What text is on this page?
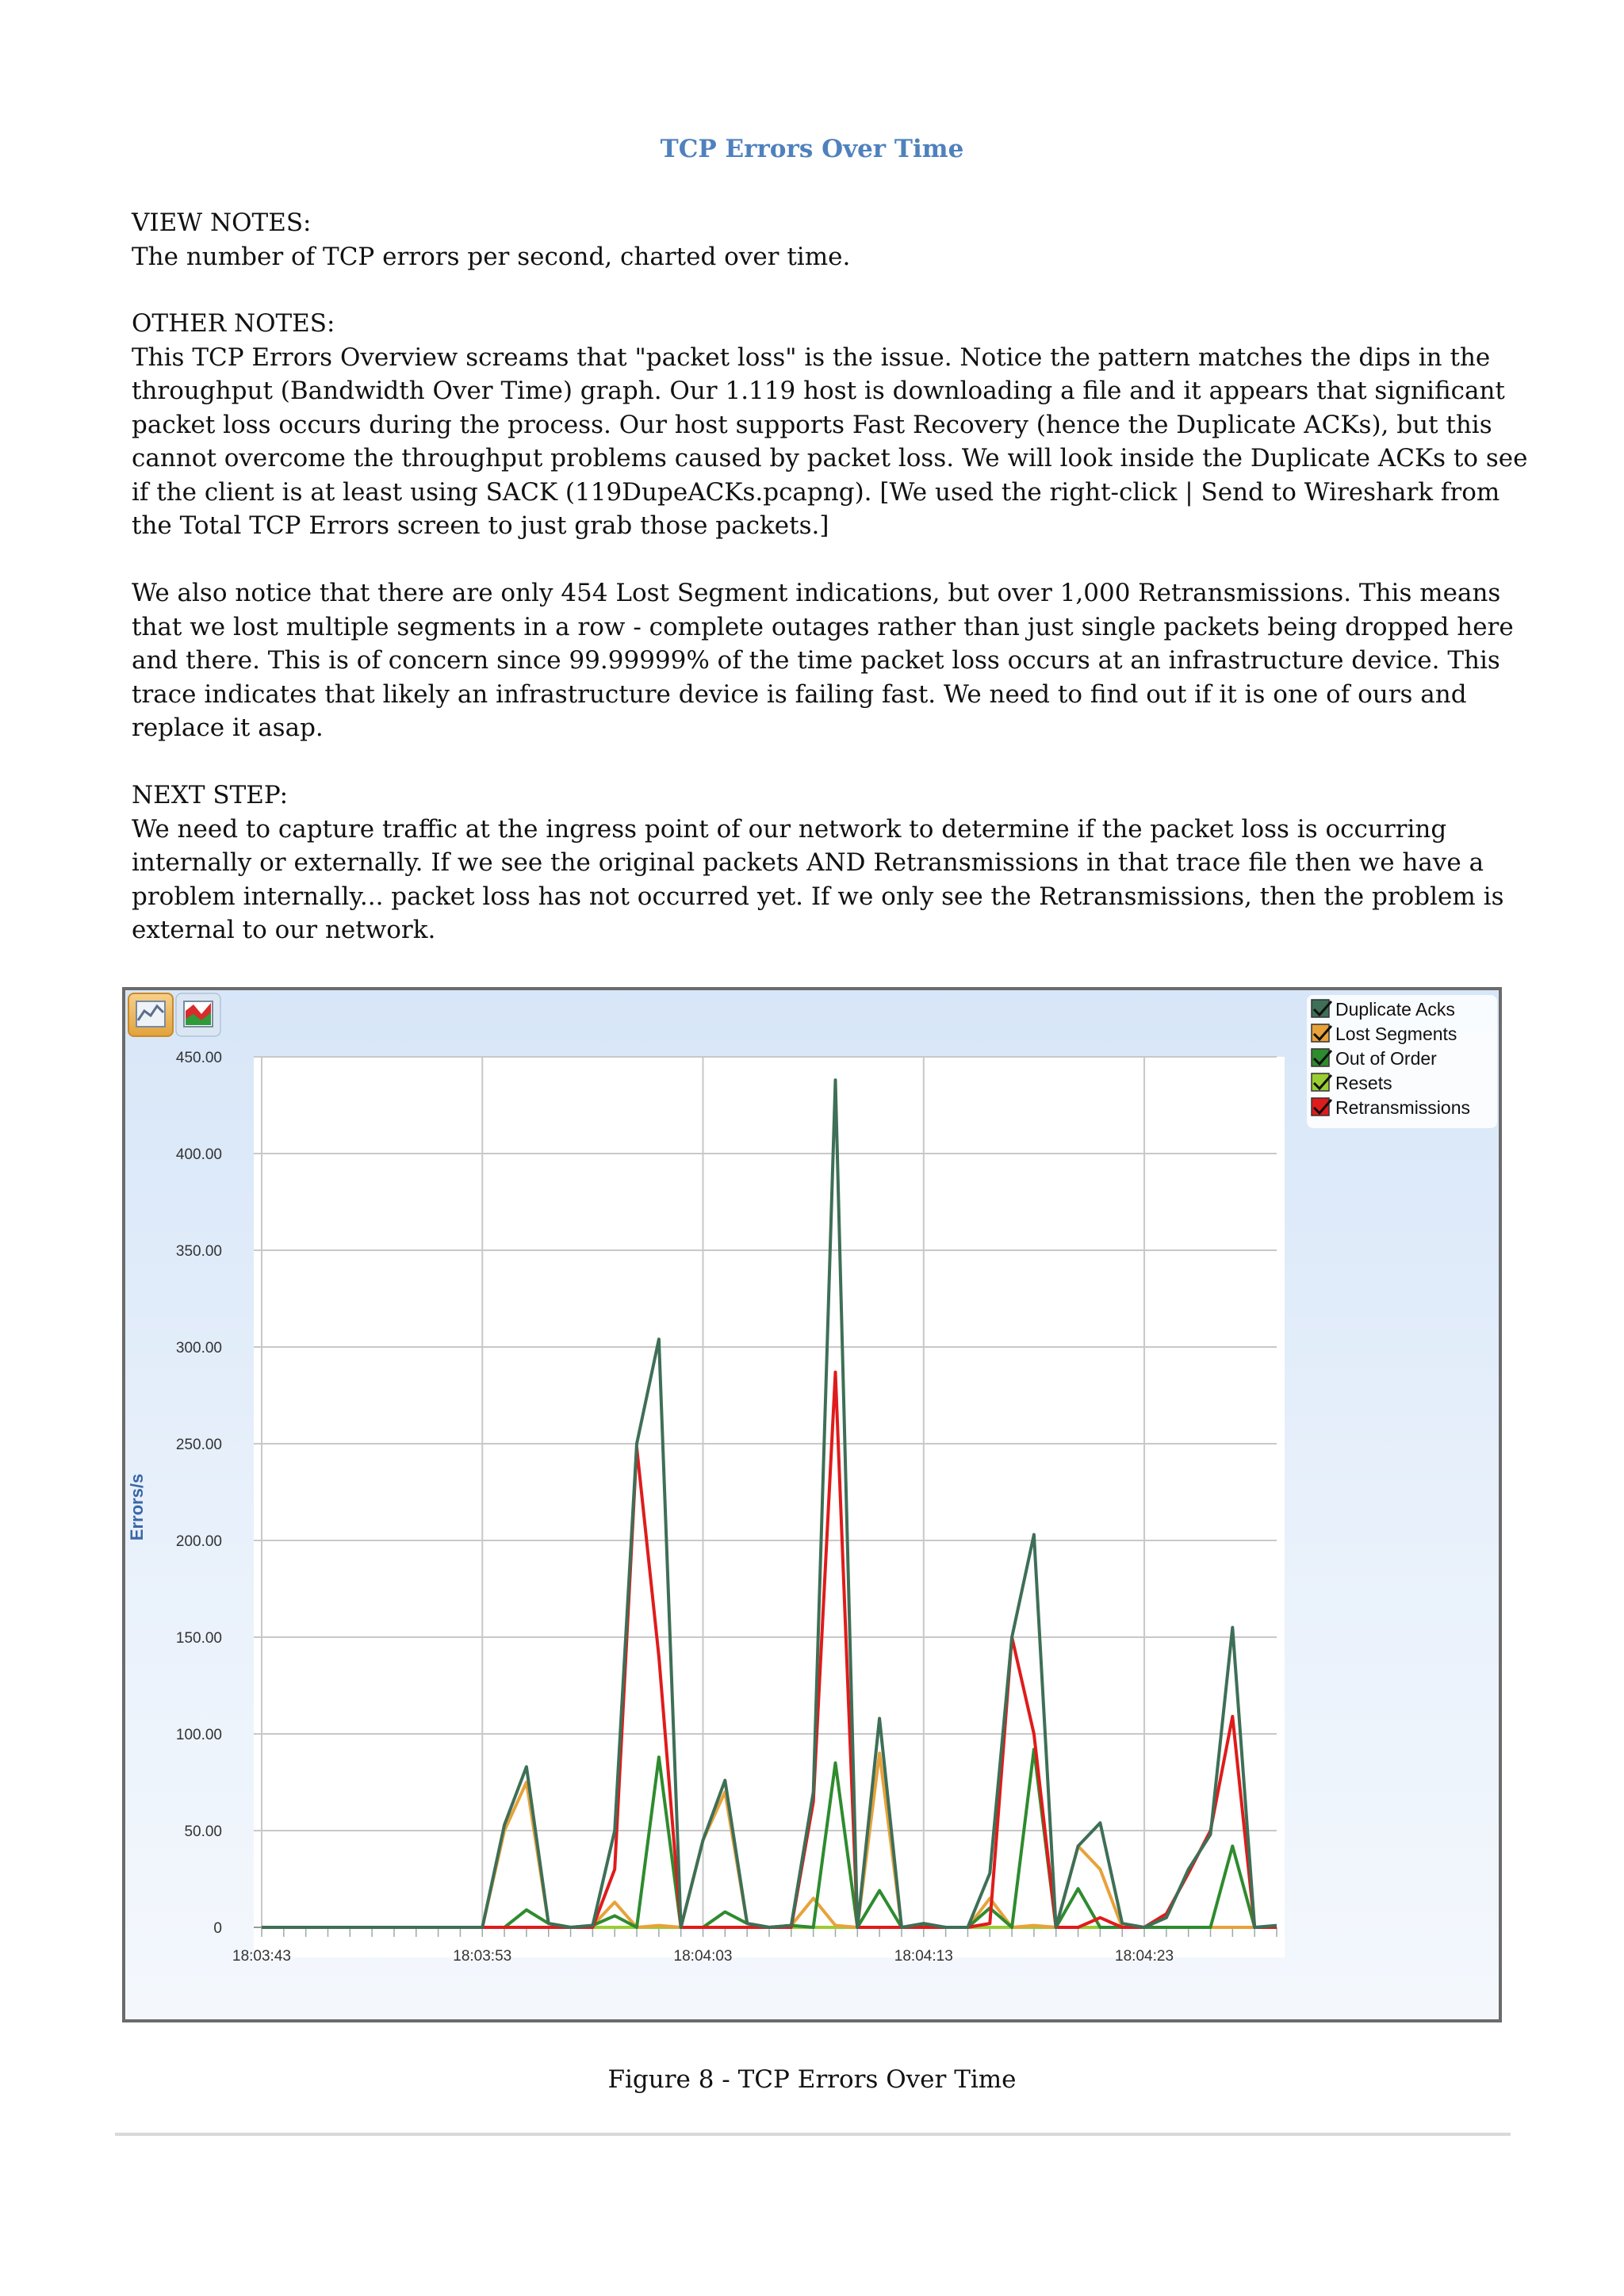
TCP Errors Over Time
VIEW NOTES:
The number of TCP errors per second, charted over time.
OTHER NOTES:
This TCP Errors Overview screams that "packet loss" is the issue. Notice the pattern matches the dips in the
throughput (Bandwidth Over Time) graph. Our 1.119 host is downloading a file and it appears that significant
packet loss occurs during the process. Our host supports Fast Recovery (hence the Duplicate ACKs), but this
cannot overcome the throughput problems caused by packet loss. We will look inside the Duplicate ACKs to see
if the client is at least using SACK (119DupeACKs.pcapng). [We used the right-click | Send to Wireshark from
the Total TCP Errors screen to just grab those packets.]
We also notice that there are only 454 Lost Segment indications, but over 1,000 Retransmissions. This means
that we lost multiple segments in a row - complete outages rather than just single packets being dropped here
and there. This is of concern since 99.99999% of the time packet loss occurs at an infrastructure device. This
trace indicates that likely an infrastructure device is failing fast. We need to find out if it is one of ours and
replace it asap.
NEXT STEP:
We need to capture traffic at the ingress point of our network to determine if the packet loss is occurring
internally or externally. If we see the original packets AND Retransmissions in that trace file then we have a
problem internally... packet loss has not occurred yet. If we only see the Retransmissions, then the problem is
external to our network.
0
50.00
100.00
150.00
200.00
250.00
300.00
350.00
400.00
450.00
18:03:43	18:03:53	18:04:03	18:04:13	18:04:23
Errors/s
Duplicate Acks
Lost Segments
Out of Order
Resets
Retransmissions
Figure 8 - TCP Errors Over Time
